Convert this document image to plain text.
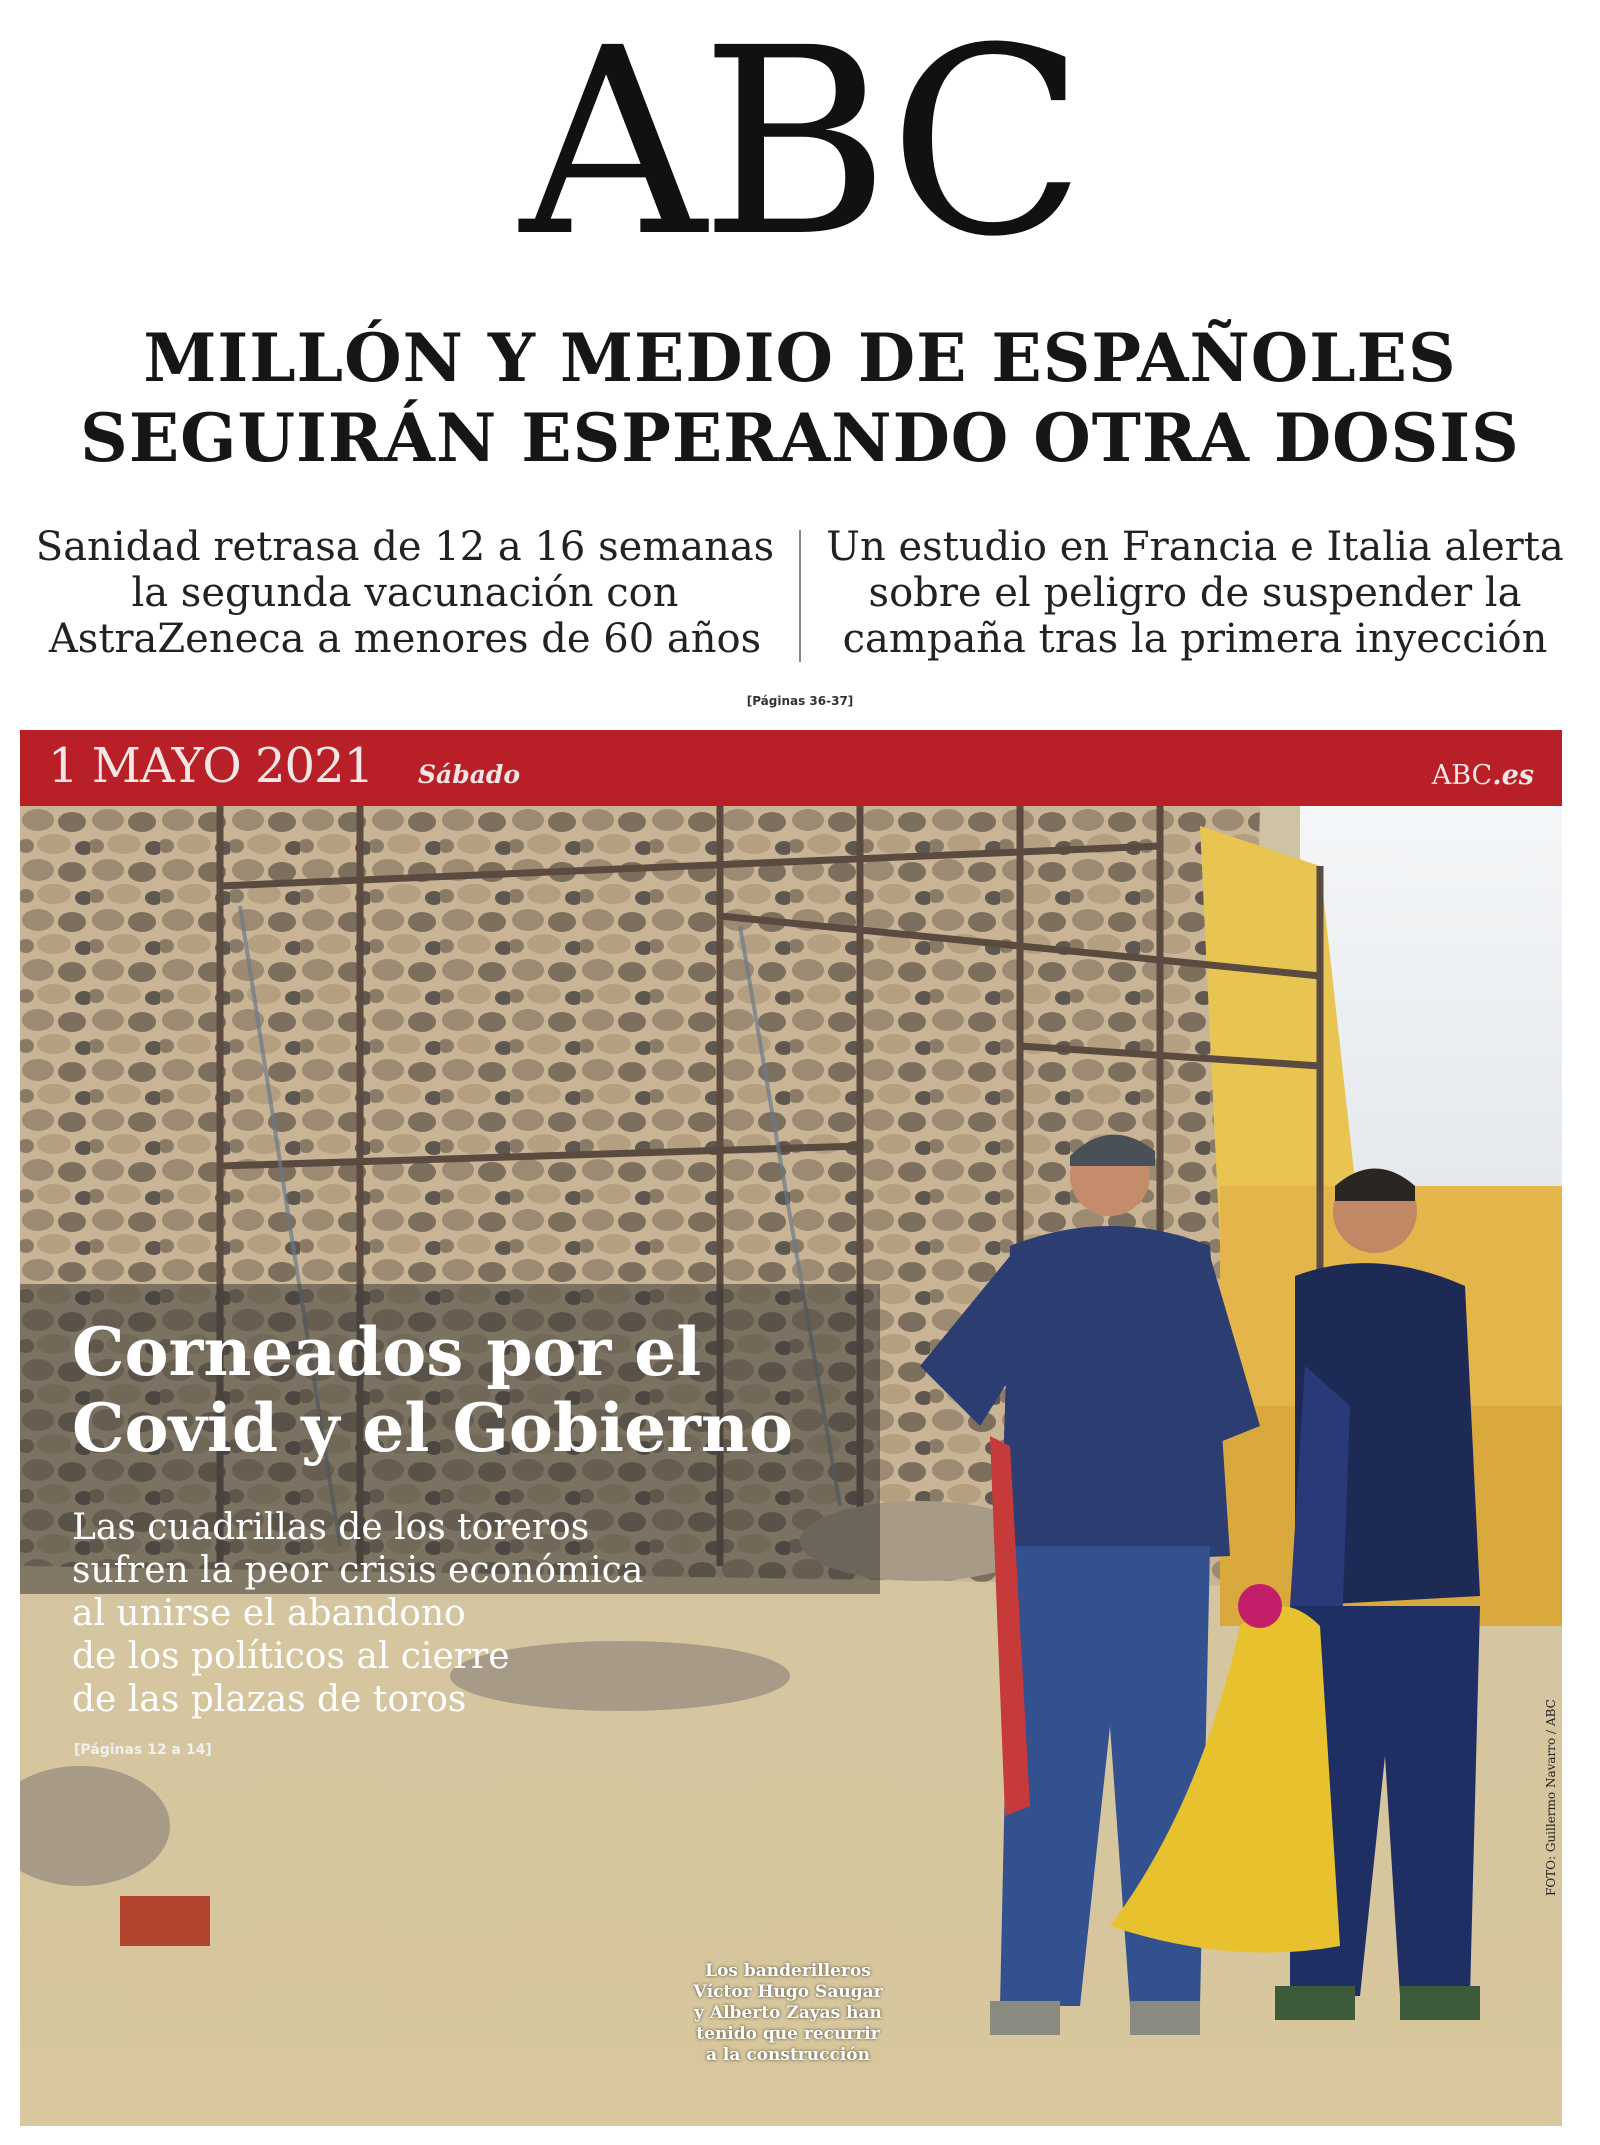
ABC
MILLÓN Y MEDIO DE ESPAÑOLES
SEGUIRÁN ESPERANDO OTRA DOSIS
Sanidad retrasa de 12 a 16 semanas
la segunda vacunación con
AstraZeneca a menores de 60 años
Un estudio en Francia e Italia alerta
sobre el peligro de suspender la
campaña tras la primera inyección
[Páginas 36-37]
1 MAYO 2021 Sábado	ABC.es
Corneados por el
Covid y el Gobierno
Las cuadrillas de los toreros
sufren la peor crisis económica
al unirse el abandono
de los políticos al cierre
de las plazas de toros
[Páginas 12 a 14]
Los banderilleros
Víctor Hugo Saugar
y Alberto Zayas han
tenido que recurrir
a la construcción
FOTO: Guillermo Navarro / ABC
